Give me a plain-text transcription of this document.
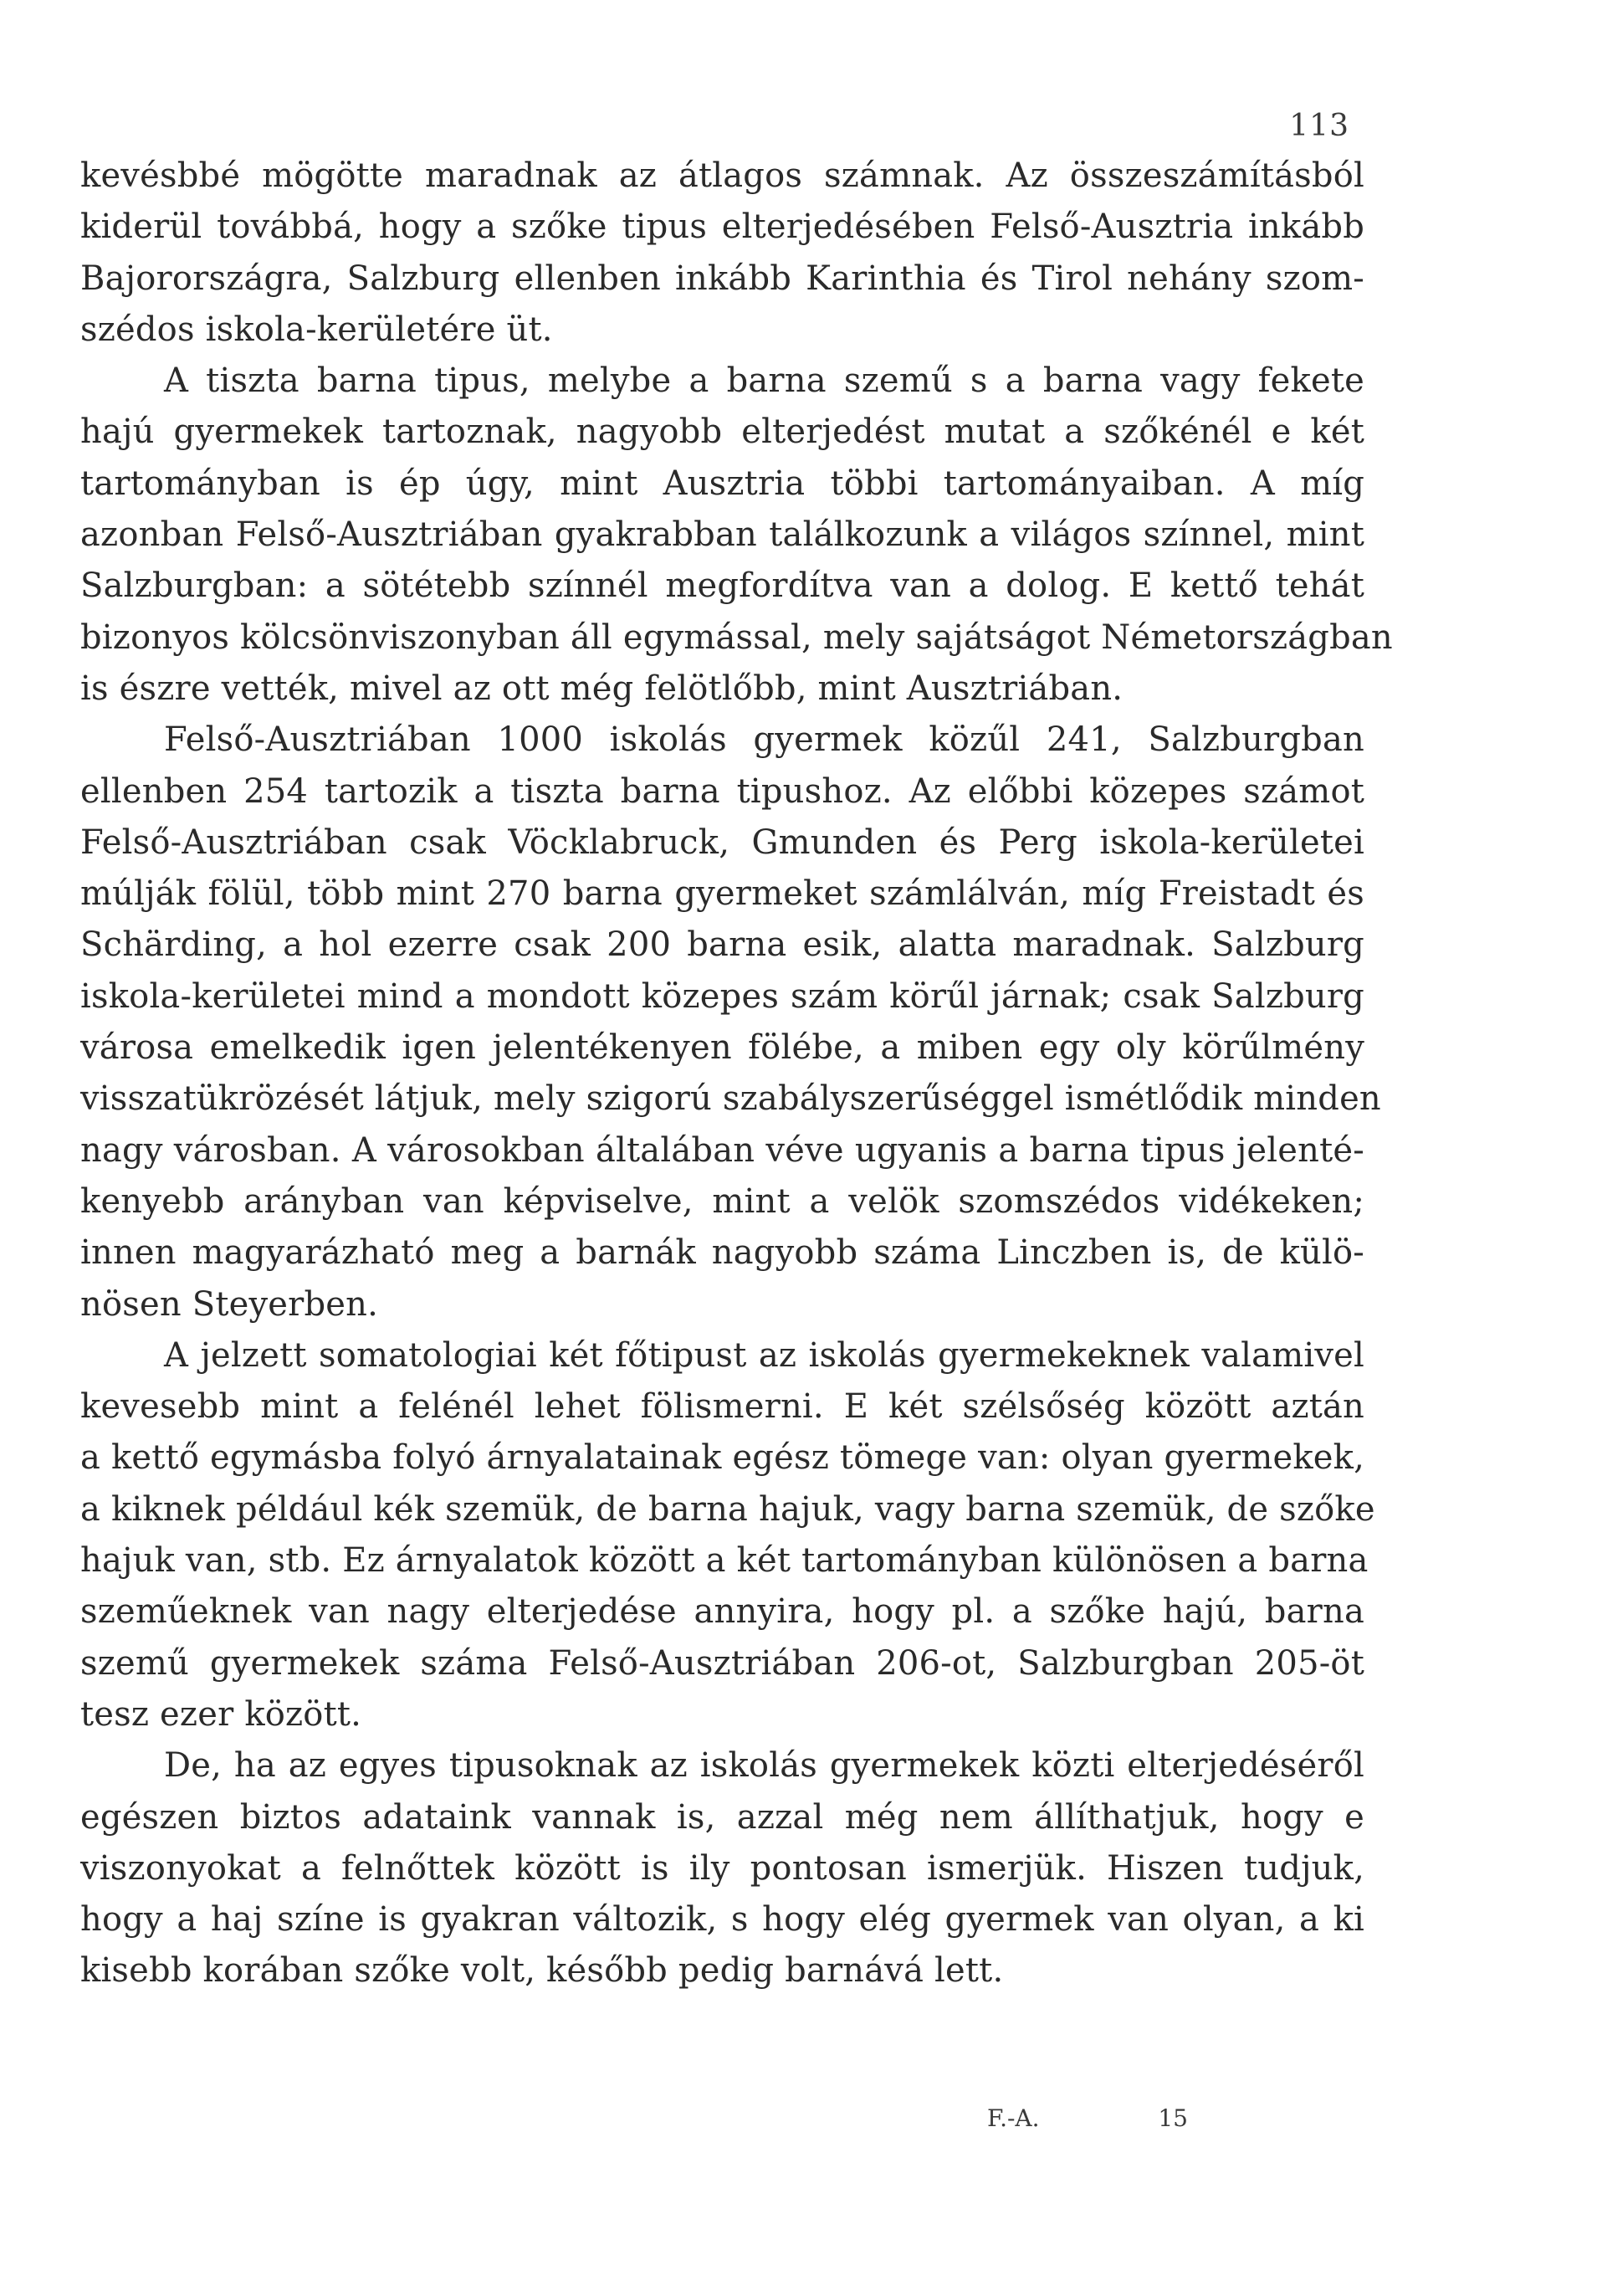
113
kevésbbé mögötte maradnak az átlagos számnak. Az összeszámításból
kiderül továbbá, hogy a szőke tipus elterjedésében Felső-Ausztria inkább
Bajorországra, Salzburg ellenben inkább Karinthia és Tirol nehány szom-
szédos iskola-kerületére üt.
A tiszta barna tipus, melybe a barna szemű s a barna vagy fekete
hajú gyermekek tartoznak, nagyobb elterjedést mutat a szőkénél e két
tartományban is ép úgy, mint Ausztria többi tartományaiban. A míg
azonban Felső-Ausztriában gyakrabban találkozunk a világos színnel, mint
Salzburgban: a sötétebb színnél megfordítva van a dolog. E kettő tehát
bizonyos kölcsönviszonyban áll egymással, mely sajátságot Németországban
is észre vették, mivel az ott még felötlőbb, mint Ausztriában.
Felső-Ausztriában 1000 iskolás gyermek közűl 241, Salzburgban
ellenben 254 tartozik a tiszta barna tipushoz. Az előbbi közepes számot
Felső-Ausztriában csak Vöcklabruck, Gmunden és Perg iskola-kerületei
múlják fölül, több mint 270 barna gyermeket számlálván, míg Freistadt és
Schärding, a hol ezerre csak 200 barna esik, alatta maradnak. Salzburg
iskola-kerületei mind a mondott közepes szám körűl járnak; csak Salzburg
városa emelkedik igen jelentékenyen fölébe, a miben egy oly körűlmény
visszatükrözését látjuk, mely szigorú szabályszerűséggel ismétlődik minden
nagy városban. A városokban általában véve ugyanis a barna tipus jelenté-
kenyebb arányban van képviselve, mint a velök szomszédos vidékeken;
innen magyarázható meg a barnák nagyobb száma Linczben is, de külö-
nösen Steyerben.
A jelzett somatologiai két főtipust az iskolás gyermekeknek valamivel
kevesebb mint a felénél lehet fölismerni. E két szélsőség között aztán
a kettő egymásba folyó árnyalatainak egész tömege van: olyan gyermekek,
a kiknek például kék szemük, de barna hajuk, vagy barna szemük, de szőke
hajuk van, stb. Ez árnyalatok között a két tartományban különösen a barna
szeműeknek van nagy elterjedése annyira, hogy pl. a szőke hajú, barna
szemű gyermekek száma Felső-Ausztriában 206-ot, Salzburgban 205-öt
tesz ezer között.
De, ha az egyes tipusoknak az iskolás gyermekek közti elterjedéséről
egészen biztos adataink vannak is, azzal még nem állíthatjuk, hogy e
viszonyokat a felnőttek között is ily pontosan ismerjük. Hiszen tudjuk,
hogy a haj színe is gyakran változik, s hogy elég gyermek van olyan, a ki
kisebb korában szőke volt, később pedig barnává lett.
F.-A.	15
